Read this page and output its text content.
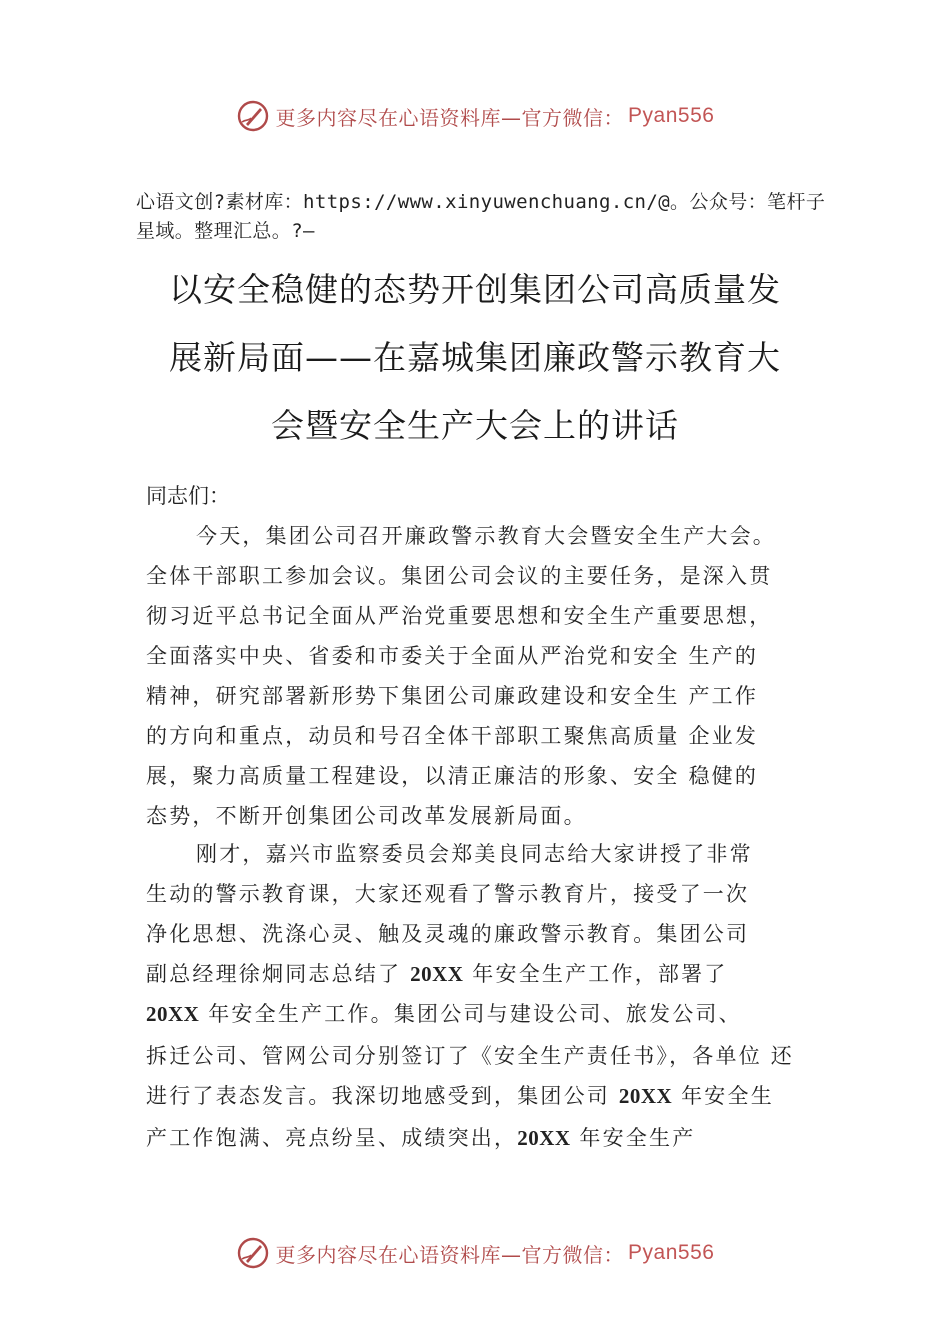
更多内容尽在心语资料库—官方微信： Pyan556
心语文创?素材库：https://www.xinyuwenchuang.cn/@。公众号：笔杆子星域。整理汇总。?—
以安全稳健的态势开创集团公司高质量发
展新局面——在嘉城集团廉政警示教育大
会暨安全生产大会上的讲话
同志们：
今天，集团公司召开廉政警示教育大会暨安全生产大会。
全体干部职工参加会议。集团公司会议的主要任务，是深入贯
彻习近平总书记全面从严治党重要思想和安全生产重要思想，
全面落实中央、省委和市委关于全面从严治党和安全 生产的
精神，研究部署新形势下集团公司廉政建设和安全生 产工作
的方向和重点，动员和号召全体干部职工聚焦高质量 企业发
展，聚力高质量工程建设，以清正廉洁的形象、安全 稳健的
态势，不断开创集团公司改革发展新局面。
刚才，嘉兴市监察委员会郑美良同志给大家讲授了非常
生动的警示教育课，大家还观看了警示教育片，接受了一次
净化思想、洗涤心灵、触及灵魂的廉政警示教育。集团公司
副总经理徐炯同志总结了 20XX 年安全生产工作，部署了
20XX 年安全生产工作。集团公司与建设公司、旅发公司、
拆迁公司、管网公司分别签订了《安全生产责任书》，各单位 还
进行了表态发言。我深切地感受到，集团公司 20XX 年安全生
产工作饱满、亮点纷呈、成绩突出，20XX 年安全生产
更多内容尽在心语资料库—官方微信： Pyan556
